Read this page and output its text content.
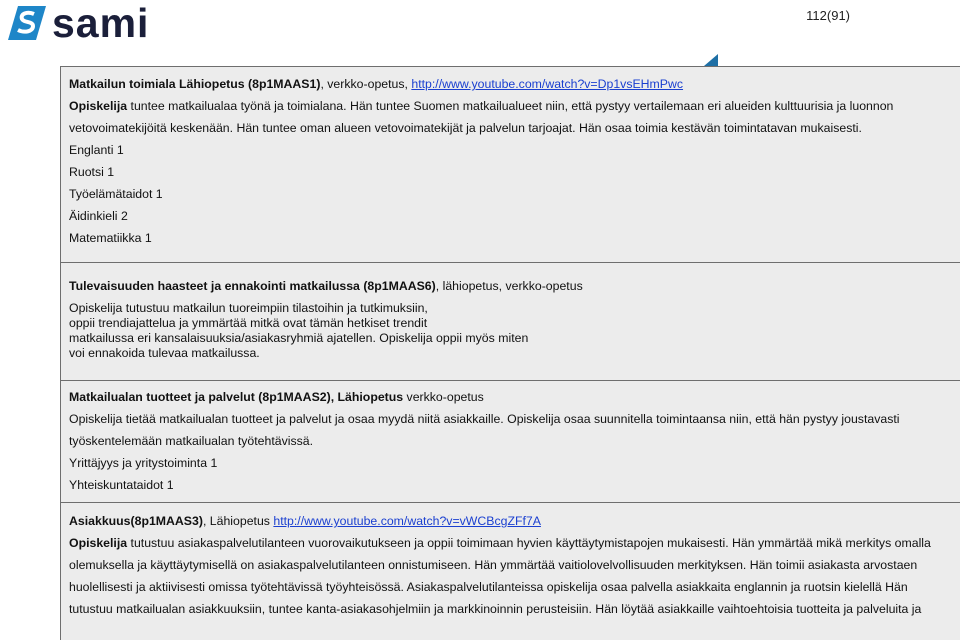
sami	112(91)
Matkailun toimiala Lähiopetus (8p1MAAS1), verkko-opetus, http://www.youtube.com/watch?v=Dp1vsEHmPwc
Opiskelija tuntee matkailualaa työnä ja toimialana. Hän tuntee Suomen matkailualueet niin, että pystyy vertailemaan eri alueiden kulttuurisia ja luonnon
vetovoimatekijöitä keskenään. Hän tuntee oman alueen vetovoimatekijät ja palvelun tarjoajat. Hän osaa toimia kestävän toimintatavan mukaisesti.
Englanti 1
Ruotsi 1
Työelämätaidot 1
Äidinkieli 2
Matematiikka 1
Tulevaisuuden haasteet ja ennakointi matkailussa (8p1MAAS6), lähiopetus, verkko-opetus
Opiskelija tutustuu matkailun tuoreimpiin tilastoihin ja tutkimuksiin,
oppii trendiajattelua ja ymmärtää mitkä ovat tämän hetkiset trendit
matkailussa eri kansalaisuuksia/asiakasryhmiä ajatellen. Opiskelija oppii myös miten
voi ennakoida tulevaa matkailussa.
Matkailualan tuotteet ja palvelut (8p1MAAS2), Lähiopetus verkko-opetus
Opiskelija tietää matkailualan tuotteet ja palvelut ja osaa myydä niitä asiakkaille. Opiskelija osaa suunnitella toimintaansa niin, että hän pystyy joustavasti
työskentelemään matkailualan työtehtävissä.
Yrittäjyys ja yritystoiminta 1
Yhteiskuntataidot 1
Asiakkuus(8p1MAAS3), Lähiopetus http://www.youtube.com/watch?v=vWCBcgZFf7A
Opiskelija tutustuu asiakaspalvelutilanteen vuorovaikutukseen ja oppii toimimaan hyvien käyttäytymistapojen mukaisesti. Hän ymmärtää mikä merkitys omalla
olemuksella ja käyttäytymisellä on asiakaspalvelutilanteen onnistumiseen. Hän ymmärtää vaitiolovelvollisuuden merkityksen. Hän toimii asiakasta arvostaen
huolellisesti ja aktiivisesti omissa työtehtävissä työyhteisössä. Asiakaspalvelutilanteissa opiskelija osaa palvella asiakkaita englannin ja ruotsin kielellä Hän
tutustuu matkailualan asiakkuuksiin, tuntee kanta-asiakasohjelmiin ja markkinoinnin perusteisiin. Hän löytää asiakkaille vaihtoehtoisia tuotteita ja palveluita ja
